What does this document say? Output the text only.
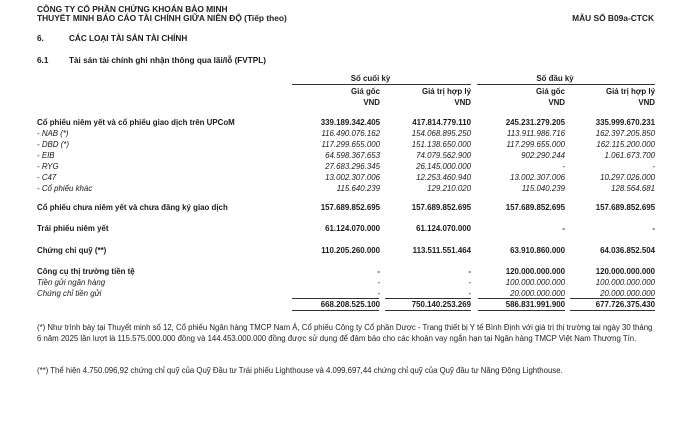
CÔNG TY CỔ PHẦN CHỨNG KHOÁN BẢO MINH
THUYẾT MINH BÁO CÁO TÀI CHÍNH GIỮA NIÊN ĐỘ (Tiếp theo)	MẪU SỐ B09a-CTCK
6.	CÁC LOẠI TÀI SẢN TÀI CHÍNH
6.1	Tài sản tài chính ghi nhận thông qua lãi/lỗ (FVTPL)
Số cuối kỳ	Số đầu kỳ
Giá gốc	Giá trị hợp lý	Giá gốc	Giá trị hợp lý
VND	VND	VND	VND
Cổ phiếu niêm yết và cổ phiếu giao dịch trên UPCoM	339.189.342.405	417.814.779.110	245.231.279.205	335.999.670.231
- NAB (*)	116.490.076.162	154.068.895.250	113.911.986.716	162.397.205.850
- DBD (*)	117.299.655.000	151.138.650.000	117.299.655.000	162.115.200.000
- EIB	64.598.367.653	74.079.562.900	902.290.244	1.061.673.700
- RYG	27.683.296.345	26.145.000.000	-	-
- C47	13.002.307.006	12.253.460.940	13.002.307.006	10.297.026.000
- Cổ phiếu khác	115.640.239	129.210.020	115.040.239	128.564.681
Cổ phiếu chưa niêm yết và chưa đăng ký giao dịch	157.689.852.695	157.689.852.695	157.689.852.695	157.689.852.695
Trái phiếu niêm yết	61.124.070.000	61.124.070.000	-	-
Chứng chỉ quỹ (**)	110.205.260.000	113.511.551.464	63.910.860.000	64.036.852.504
Công cụ thị trường tiền tệ	-	-	120.000.000.000	120.000.000.000
Tiền gửi ngân hàng	-	-	100.000.000.000	100.000.000.000
Chứng chỉ tiền gửi	-	-	20.000.000.000	20.000.000.000
668.208.525.100	750.140.253.269	586.831.991.900	677.726.375.430
(*) Như trình bày tại Thuyết minh số 12, Cổ phiếu Ngân hàng TMCP Nam Á, Cổ phiếu Công ty Cổ phần Dược - Trang thiết bị Y tế Bình Định với giá trị thị trường tại ngày 30 tháng 6 năm 2025 lần lượt là 115.575.000.000 đồng và 144.453.000.000 đồng được sử dụng để đảm bảo cho các khoản vay ngắn hạn tại Ngân hàng TMCP Việt Nam Thương Tín.
(**) Thể hiện 4.750.096,92 chứng chỉ quỹ của Quỹ Đầu tư Trái phiếu Lighthouse và 4.099.697,44 chứng chỉ quỹ của Quỹ đầu tư Năng Động Lighthouse.
